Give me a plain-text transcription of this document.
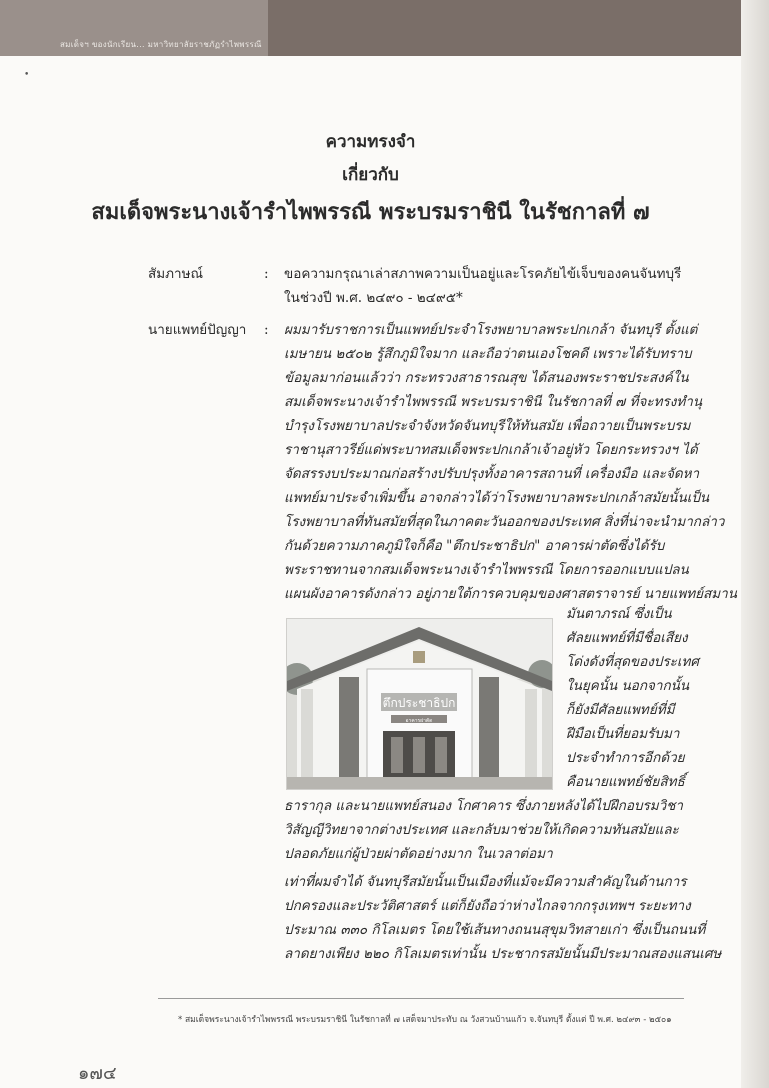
สมเด็จฯ ของนักเรียน... มหาวิทยาลัยราชภัฏรำไพพรรณี
•
ความทรงจำ
เกี่ยวกับ
สมเด็จพระนางเจ้ารำไพพรรณี พระบรมราชินี ในรัชกาลที่ ๗
สัมภาษณ์	: ขอความกรุณาเล่าสภาพความเป็นอยู่และโรคภัยไข้เจ็บของคนจันทบุรี
ในช่วงปี พ.ศ. ๒๔๙๐ - ๒๔๙๕*
นายแพทย์ปัญญา : ผมมารับราชการเป็นแพทย์ประจำโรงพยาบาลพระปกเกล้า จันทบุรี ตั้งแต่
เมษายน ๒๕๐๒ รู้สึกภูมิใจมาก และถือว่าตนเองโชคดี เพราะได้รับทราบ
ข้อมูลมาก่อนแล้วว่า กระทรวงสาธารณสุข ได้สนองพระราชประสงค์ใน
สมเด็จพระนางเจ้ารำไพพรรณี พระบรมราชินี ในรัชกาลที่ ๗ ที่จะทรงทำนุ
บำรุงโรงพยาบาลประจำจังหวัดจันทบุรีให้ทันสมัย เพื่อถวายเป็นพระบรม
ราชานุสาวรีย์แด่พระบาทสมเด็จพระปกเกล้าเจ้าอยู่หัว โดยกระทรวงฯ ได้
จัดสรรงบประมาณก่อสร้างปรับปรุงทั้งอาคารสถานที่ เครื่องมือ และจัดหา
แพทย์มาประจำเพิ่มขึ้น อาจกล่าวได้ว่าโรงพยาบาลพระปกเกล้าสมัยนั้นเป็น
โรงพยาบาลที่ทันสมัยที่สุดในภาคตะวันออกของประเทศ สิ่งที่น่าจะนำมากล่าว
กันด้วยความภาคภูมิใจก็คือ "ตึกประชาธิปก" อาคารผ่าตัดซึ่งได้รับ
พระราชทานจากสมเด็จพระนางเจ้ารำไพพรรณี โดยการออกแบบแปลน
แผนผังอาคารดังกล่าว อยู่ภายใต้การควบคุมของศาสตราจารย์ นายแพทย์สมาน
มันตาภรณ์ ซึ่งเป็น
ศัลยแพทย์ที่มีชื่อเสียง
โด่งดังที่สุดของประเทศ
ในยุคนั้น นอกจากนั้น
ก็ยังมีศัลยแพทย์ที่มี
ฝีมือเป็นที่ยอมรับมา
ประจำทำการอีกด้วย
คือนายแพทย์ชัยสิทธิ์
ตึกประชาธิปก
อาคารผ่าตัด
ธารากุล และนายแพทย์สนอง โกศาคาร ซึ่งภายหลังได้ไปฝึกอบรมวิชา
วิสัญญีวิทยาจากต่างประเทศ และกลับมาช่วยให้เกิดความทันสมัยและ
ปลอดภัยแก่ผู้ป่วยผ่าตัดอย่างมาก ในเวลาต่อมา
เท่าที่ผมจำได้ จันทบุรีสมัยนั้นเป็นเมืองที่แม้จะมีความสำคัญในด้านการ
ปกครองและประวัติศาสตร์ แต่ก็ยังถือว่าห่างไกลจากกรุงเทพฯ ระยะทาง
ประมาณ ๓๓๐ กิโลเมตร โดยใช้เส้นทางถนนสุขุมวิทสายเก่า ซึ่งเป็นถนนที่
ลาดยางเพียง ๒๒๐ กิโลเมตรเท่านั้น ประชากรสมัยนั้นมีประมาณสองแสนเศษ
* สมเด็จพระนางเจ้ารำไพพรรณี พระบรมราชินี ในรัชกาลที่ ๗ เสด็จมาประทับ ณ วังสวนบ้านแก้ว จ.จันทบุรี ตั้งแต่ ปี พ.ศ. ๒๔๙๓ - ๒๕๐๑
๑๗๔
